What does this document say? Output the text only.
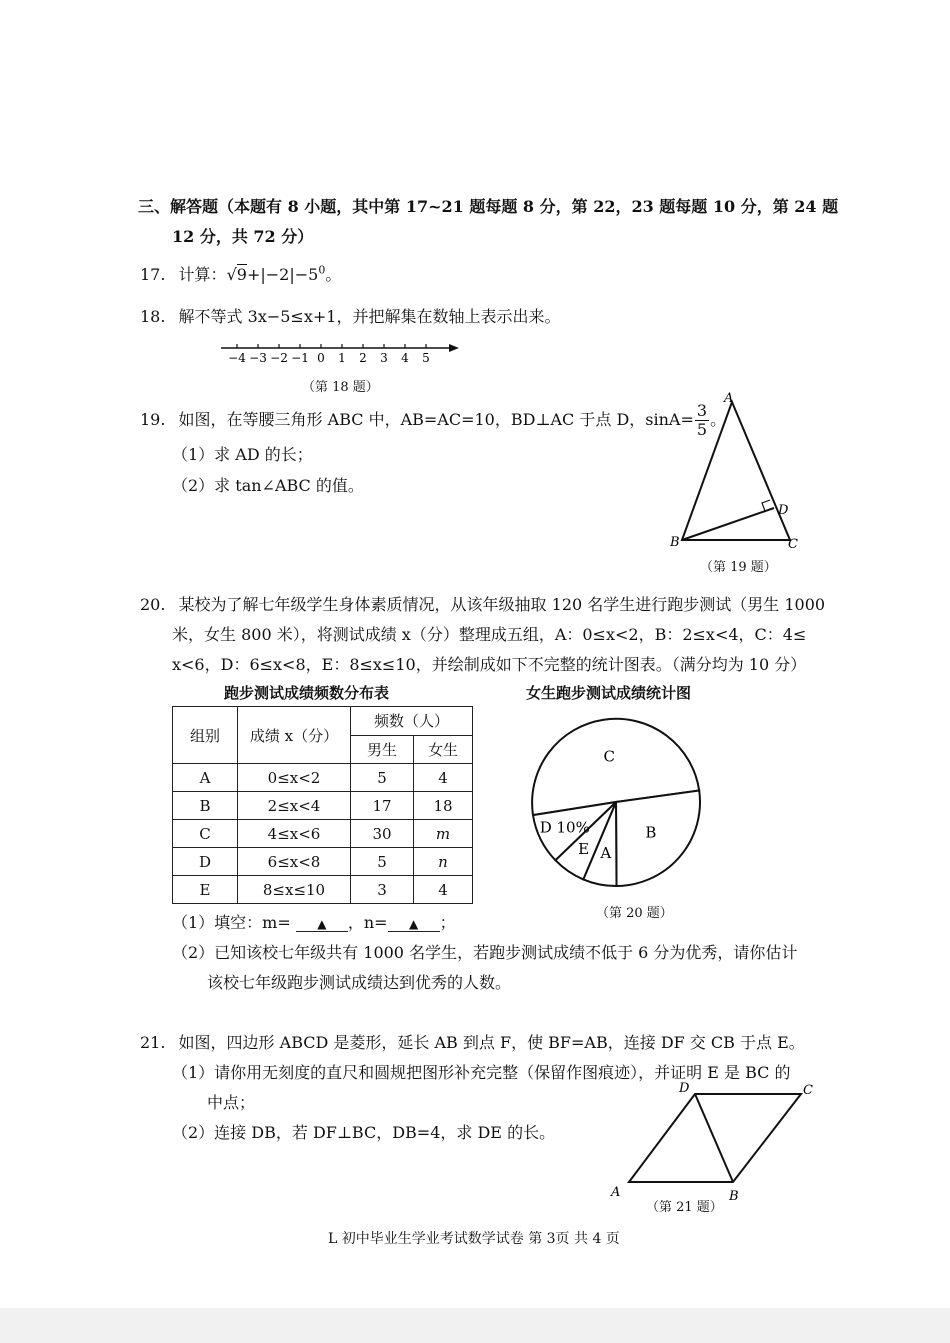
三、解答题（本题有 8 小题，其中第 17~21 题每题 8 分，第 22，23 题每题 10 分，第 24 题
12 分，共 72 分）
17. 计算：$√9+|-2|-5^0$。
18. 解不等式 3x−5≤x+1，并把解集在数轴上表示出来。
−4 −3 −2 −1 0 1 2 3 4 5
（第 18 题）
19. 如图，在等腰三角形 ABC 中，AB=AC=10，BD⊥AC 于点 D，$\sin A= \frac{3}{5}$ 。
（1）求 AD 的长；
（2）求 tan∠ABC 的值。
A
B	C
D
（第 19 题）
20. 某校为了解七年级学生身体素质情况，从该年级抽取 120 名学生进行跑步测试（男生 1000
米，女生 800 米），将测试成绩 x（分）整理成五组，A：0≤x<2，B：2≤x<4，C：4≤
x<6，D：6≤x<8，E：8≤x≤10，并绘制成如下不完整的统计图表。（满分均为 10 分）
跑步测试成绩频数分布表	女生跑步测试成绩统计图
组别	成绩 x（分）	频数（人）	
		男生	女生
A	0≤x<2	5	4
B	2≤x<4	17	18
C	4≤x<6	30	m
D	6≤x<8	5	n
E	8≤x≤10	3	4
C
B
A
E
D 10%
（第 20 题）
（1）填空：m= ▲ ，n= ▲ ；
（2）已知该校七年级共有 1000 名学生，若跑步测试成绩不低于 6 分为优秀，请你估计
该校七年级跑步测试成绩达到优秀的人数。
21. 如图，四边形 ABCD 是菱形，延长 AB 到点 F，使 BF=AB，连接 DF 交 CB 于点 E。
（1）请你用无刻度的直尺和圆规把图形补充完整（保留作图痕迹），并证明 E 是 BC 的
中点；
（2）连接 DB，若 DF⊥BC，DB=4，求 DE 的长。
D	C
A	B
（第 21 题）
L 初中毕业生学业考试数学试卷 第 3页 共 4 页
